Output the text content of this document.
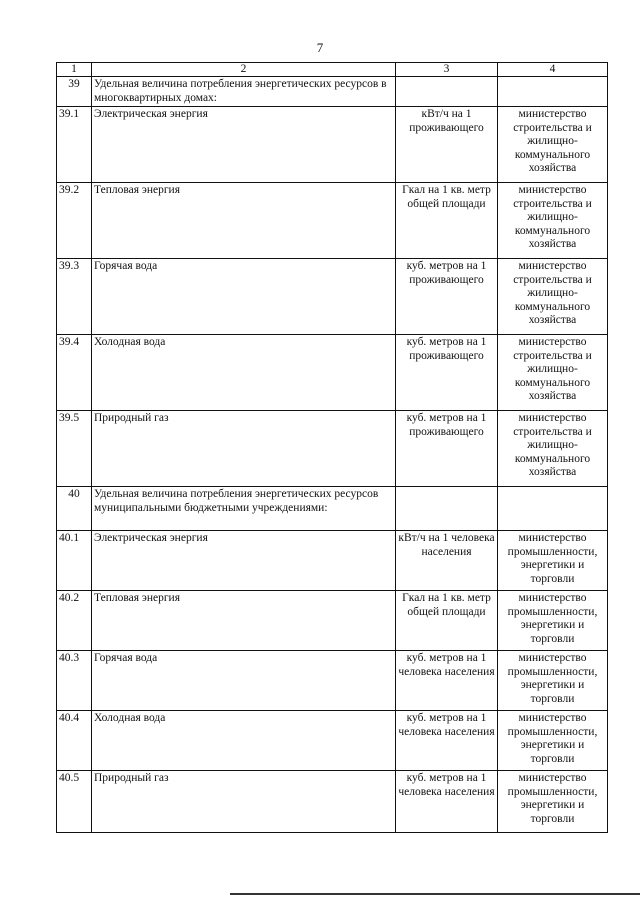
7
1	2	3	4
39	Удельная величина потребления энергетических ресурсов в многоквартирных домах:		
39.1	Электрическая энергия	кВт/ч на 1 проживающего	министерство строительства и жилищно-коммунального хозяйства
39.2	Тепловая энергия	Гкал на 1 кв. метр общей площади	министерство строительства и жилищно-коммунального хозяйства
39.3	Горячая вода	куб. метров на 1 проживающего	министерство строительства и жилищно-коммунального хозяйства
39.4	Холодная вода	куб. метров на 1 проживающего	министерство строительства и жилищно-коммунального хозяйства
39.5	Природный газ	куб. метров на 1 проживающего	министерство строительства и жилищно-коммунального хозяйства
40	Удельная величина потребления энергетических ресурсов муниципальными бюджетными учреждениями:		
40.1	Электрическая энергия	кВт/ч на 1 человека населения	министерство промышленности, энергетики и торговли
40.2	Тепловая энергия	Гкал на 1 кв. метр общей площади	министерство промышленности, энергетики и торговли
40.3	Горячая вода	куб. метров на 1 человека населения	министерство промышленности, энергетики и торговли
40.4	Холодная вода	куб. метров на 1 человека населения	министерство промышленности, энергетики и торговли
40.5	Природный газ	куб. метров на 1 человека населения	министерство промышленности, энергетики и торговли
